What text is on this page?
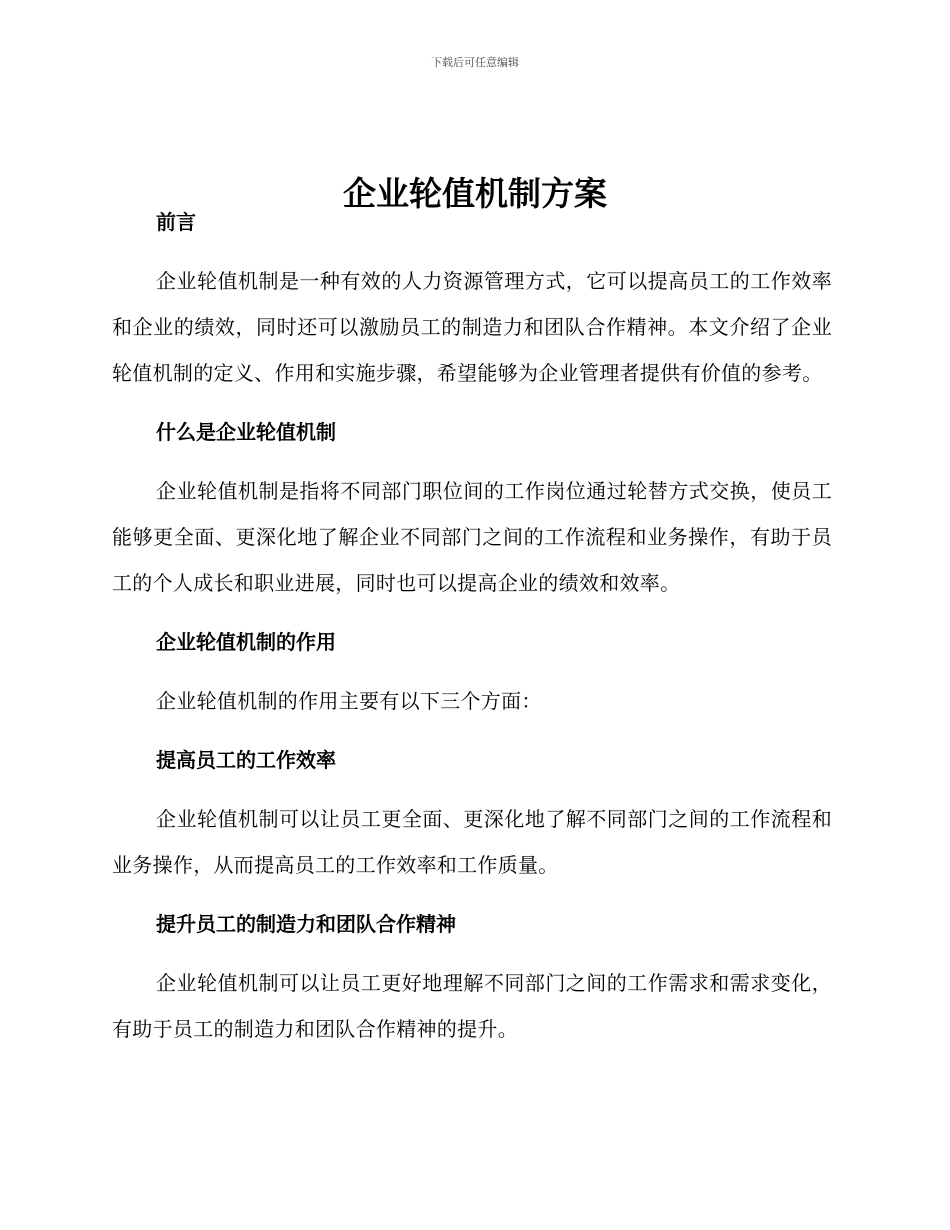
下载后可任意编辑
企业轮值机制方案
前言

企业轮值机制是一种有效的人力资源管理方式，它可以提高员工的工作效率和企业的绩效，同时还可以激励员工的制造力和团队合作精神。本文介绍了企业轮值机制的定义、作用和实施步骤，希望能够为企业管理者提供有价值的参考。

什么是企业轮值机制

企业轮值机制是指将不同部门职位间的工作岗位通过轮替方式交换，使员工能够更全面、更深化地了解企业不同部门之间的工作流程和业务操作，有助于员工的个人成长和职业进展，同时也可以提高企业的绩效和效率。

企业轮值机制的作用

企业轮值机制的作用主要有以下三个方面：

提高员工的工作效率

企业轮值机制可以让员工更全面、更深化地了解不同部门之间的工作流程和业务操作，从而提高员工的工作效率和工作质量。

提升员工的制造力和团队合作精神

企业轮值机制可以让员工更好地理解不同部门之间的工作需求和需求变化，有助于员工的制造力和团队合作精神的提升。
